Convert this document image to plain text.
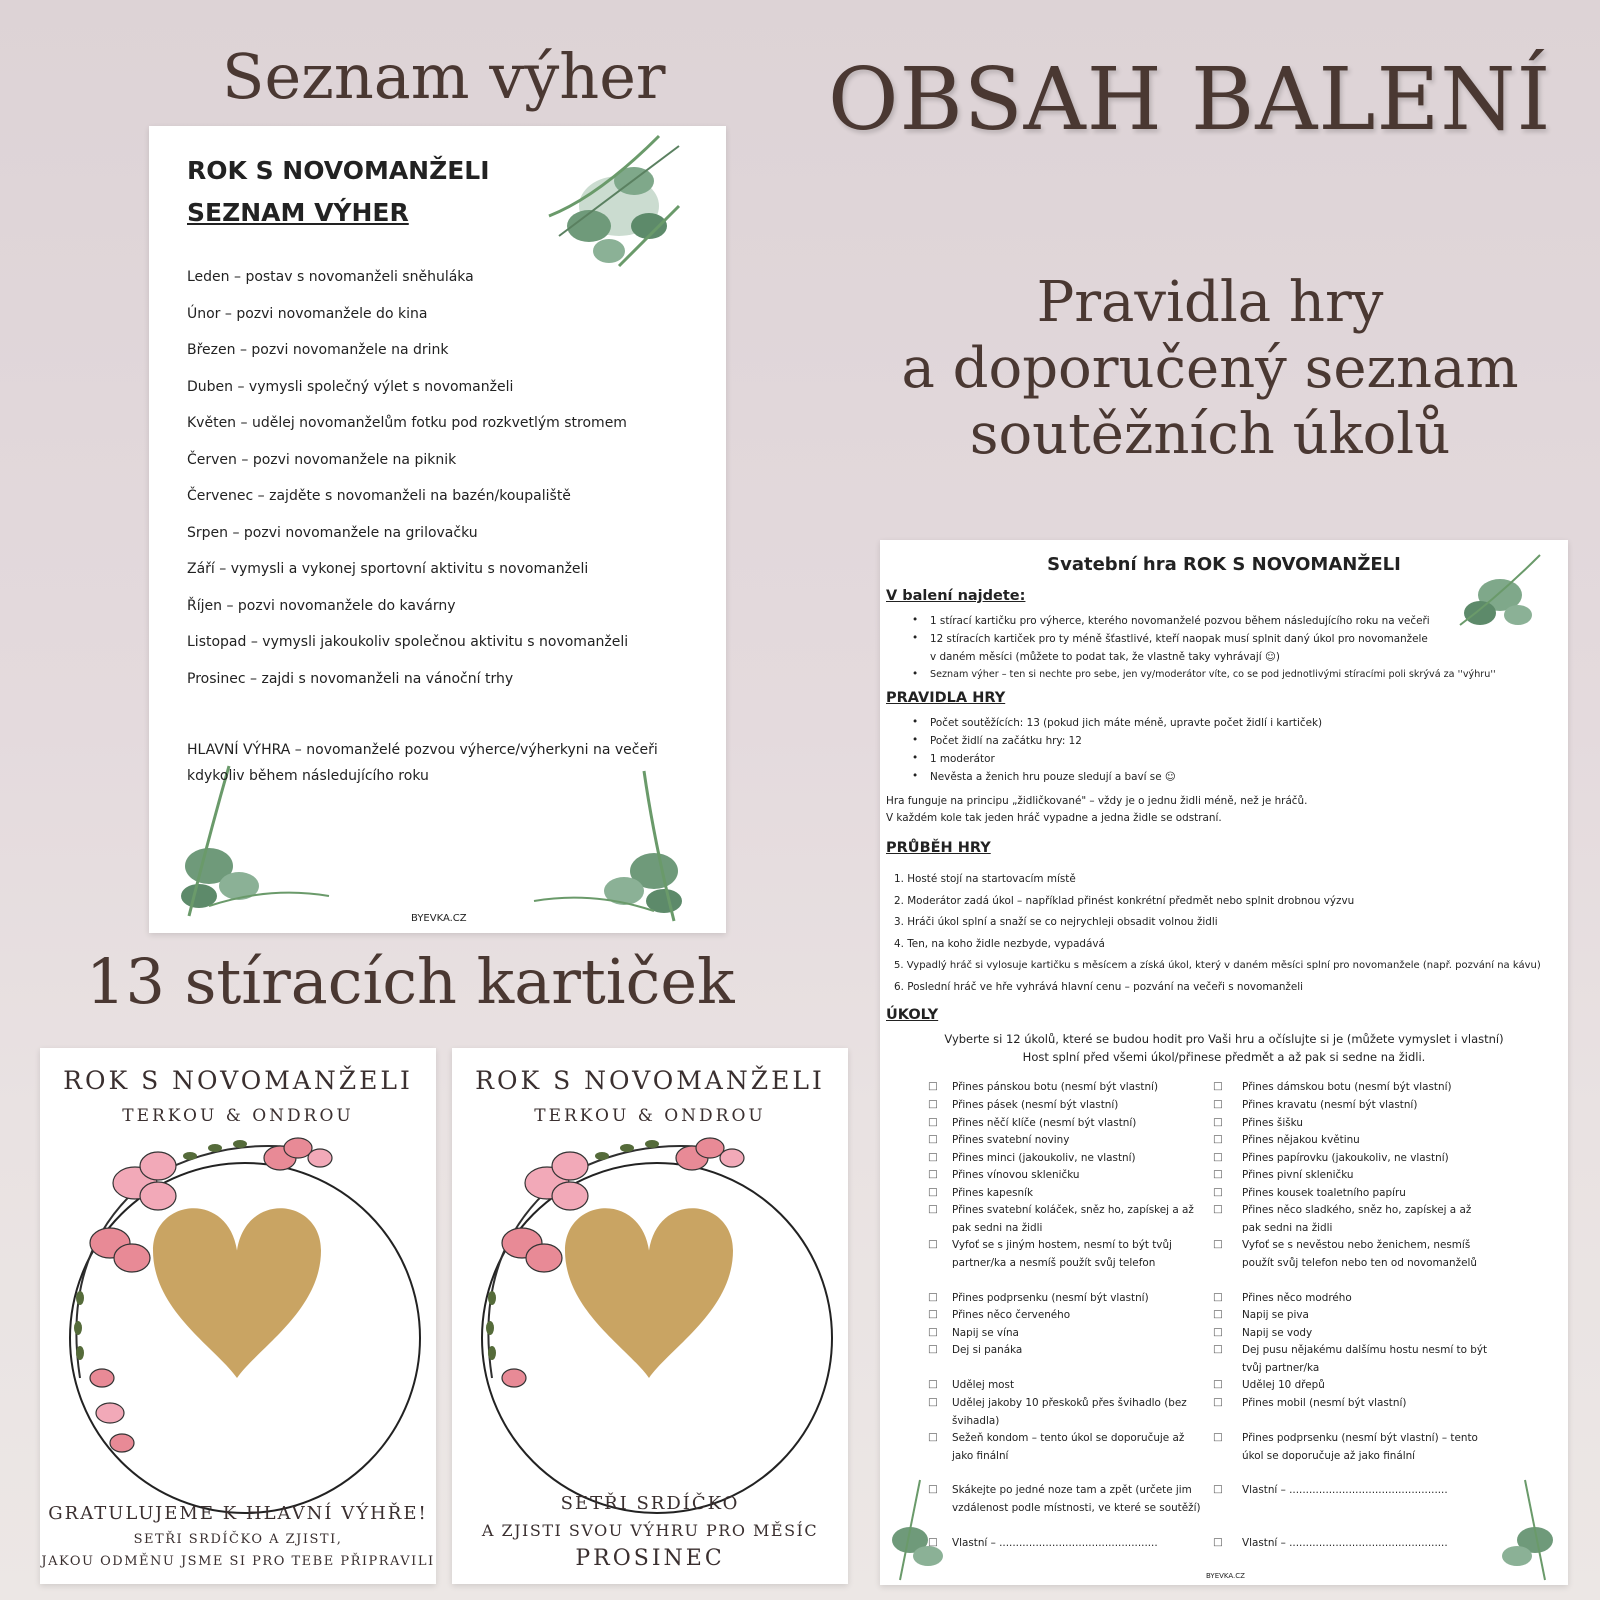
Seznam výher OBSAH BALENÍ
Pravidla hry
a doporučený seznam
soutěžních úkolů
13 stíracích kartiček
ROK S NOVOMANŽELI
SEZNAM VÝHER
Leden – postav s novomanželi sněhuláka
Únor – pozvi novomanžele do kina
Březen – pozvi novomanžele na drink
Duben – vymysli společný výlet s novomanželi
Květen – udělej novomanželům fotku pod rozkvetlým stromem
Červen – pozvi novomanžele na piknik
Červenec – zajděte s novomanželi na bazén/koupaliště
Srpen – pozvi novomanžele na grilovačku
Září – vymysli a vykonej sportovní aktivitu s novomanželi
Říjen – pozvi novomanžele do kavárny
Listopad – vymysli jakoukoliv společnou aktivitu s novomanželi
Prosinec – zajdi s novomanželi na vánoční trhy
HLAVNÍ VÝHRA – novomanželé pozvou výherce/výherkyni na večeři
kdykoliv během následujícího roku
BYEVKA.CZ
Svatební hra ROK S NOVOMANŽELI
V balení najdete:
• 1 stírací kartičku pro výherce, kterého novomanželé pozvou během následujícího roku na večeři
• 12 stíracích kartiček pro ty méně šťastlivé, kteří naopak musí splnit daný úkol pro novomanžele
v daném měsíci (můžete to podat tak, že vlastně taky vyhrávají ☺)
• Seznam výher – ten si nechte pro sebe, jen vy/moderátor víte, co se pod jednotlivými stíracími poli skrývá za ''výhru''
PRAVIDLA HRY
• Počet soutěžících: 13 (pokud jich máte méně, upravte počet židlí i kartiček)
• Počet židlí na začátku hry: 12
• 1 moderátor
• Nevěsta a ženich hru pouze sledují a baví se ☺
Hra funguje na principu „židličkované" – vždy je o jednu židli méně, než je hráčů.
V každém kole tak jeden hráč vypadne a jedna židle se odstraní.
PRŮBĚH HRY
1. Hosté stojí na startovacím místě
2. Moderátor zadá úkol – například přinést konkrétní předmět nebo splnit drobnou výzvu
3. Hráči úkol splní a snaží se co nejrychleji obsadit volnou židli
4. Ten, na koho židle nezbyde, vypadává
5. Vypadlý hráč si vylosuje kartičku s měsícem a získá úkol, který v daném měsíci splní pro novomanžele (např. pozvání na kávu)
6. Poslední hráč ve hře vyhrává hlavní cenu – pozvání na večeři s novomanželi
ÚKOLY
Vyberte si 12 úkolů, které se budou hodit pro Vaši hru a očíslujte si je (můžete vymyslet i vlastní)
Host splní před všemi úkol/přinese předmět a až pak si sedne na židli.
□ Přines pánskou botu (nesmí být vlastní)
□ Přines pásek (nesmí být vlastní)
□ Přines něčí klíče (nesmí být vlastní)
□ Přines svatební noviny
□ Přines minci (jakoukoliv, ne vlastní)
□ Přines vínovou skleničku
□ Přines kapesník
□ Přines svatební koláček, sněz ho, zapískej a až pak sedni na židli
□ Vyfoť se s jiným hostem, nesmí to být tvůj partner/ka a nesmíš použít svůj telefon
□ Přines podprsenku (nesmí být vlastní)
□ Přines něco červeného
□ Napij se vína
□ Dej si panáka
□ Udělej most
□ Udělej jakoby 10 přeskoků přes švihadlo (bez švihadla)
□ Sežeň kondom – tento úkol se doporučuje až jako finální
□ Skákejte po jedné noze tam a zpět (určete jim vzdálenost podle místnosti, ve které se soutěží)
□ Vlastní – ................................................
□ Přines dámskou botu (nesmí být vlastní)
□ Přines kravatu (nesmí být vlastní)
□ Přines šišku
□ Přines nějakou květinu
□ Přines papírovku (jakoukoliv, ne vlastní)
□ Přines pivní skleničku
□ Přines kousek toaletního papíru
□ Přines něco sladkého, sněz ho, zapískej a až pak sedni na židli
□ Vyfoť se s nevěstou nebo ženichem, nesmíš použít svůj telefon nebo ten od novomanželů
□ Přines něco modrého
□ Napij se piva
□ Napij se vody
□ Dej pusu nějakému dalšímu hostu nesmí to být tvůj partner/ka
□ Udělej 10 dřepů
□ Přines mobil (nesmí být vlastní)
□ Přines podprsenku (nesmí být vlastní) – tento úkol se doporučuje až jako finální
□ Vlastní – ................................................
□ Vlastní – ................................................
BYEVKA.CZ
ROK S NOVOMANŽELI
TERKOU & ONDROU
GRATULUJEME K HLAVNÍ VÝHŘE!
SETŘI SRDÍČKO A ZJISTI,
JAKOU ODMĚNU JSME SI PRO TEBE PŘIPRAVILI
ROK S NOVOMANŽELI
TERKOU & ONDROU
SETŘI SRDÍČKO
A ZJISTI SVOU VÝHRU PRO MĚSÍC
PROSINEC
